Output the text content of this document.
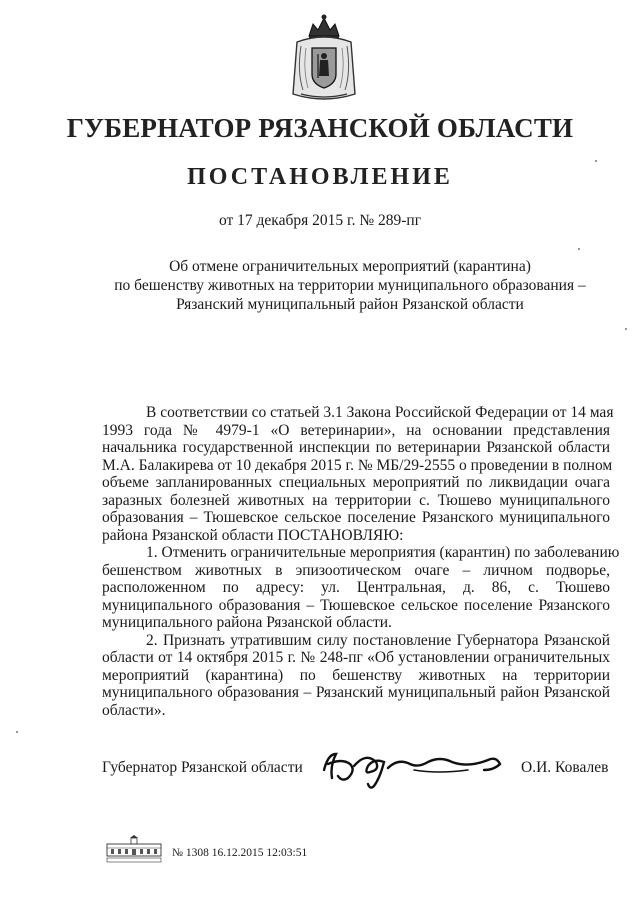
ГУБЕРНАТОР РЯЗАНСКОЙ ОБЛАСТИ
ПОСТАНОВЛЕНИЕ
от 17 декабря 2015 г. № 289-пг
Об отмене ограничительных мероприятий (карантина)
по бешенству животных на территории муниципального образования –
Рязанский муниципальный район Рязанской области
В соответствии со статьей 3.1 Закона Российской Федерации от 14 мая
1993 года № 4979-1 «О ветеринарии», на основании представления
начальника государственной инспекции по ветеринарии Рязанской области
М.А. Балакирева от 10 декабря 2015 г. № МБ/29-2555 о проведении в полном
объеме запланированных специальных мероприятий по ликвидации очага
заразных болезней животных на территории с. Тюшево муниципального
образования – Тюшевское сельское поселение Рязанского муниципального
района Рязанской области ПОСТАНОВЛЯЮ:
1. Отменить ограничительные мероприятия (карантин) по заболеванию
бешенством животных в эпизоотическом очаге – личном подворье,
расположенном по адресу: ул. Центральная, д. 86, с. Тюшево
муниципального образования – Тюшевское сельское поселение Рязанского
муниципального района Рязанской области.
2. Признать утратившим силу постановление Губернатора Рязанской
области от 14 октября 2015 г. № 248-пг «Об установлении ограничительных
мероприятий (карантина) по бешенству животных на территории
муниципального образования – Рязанский муниципальный район Рязанской
области».
Губернатор Рязанской области	О.И. Ковалев
№ 1308 16.12.2015 12:03:51
